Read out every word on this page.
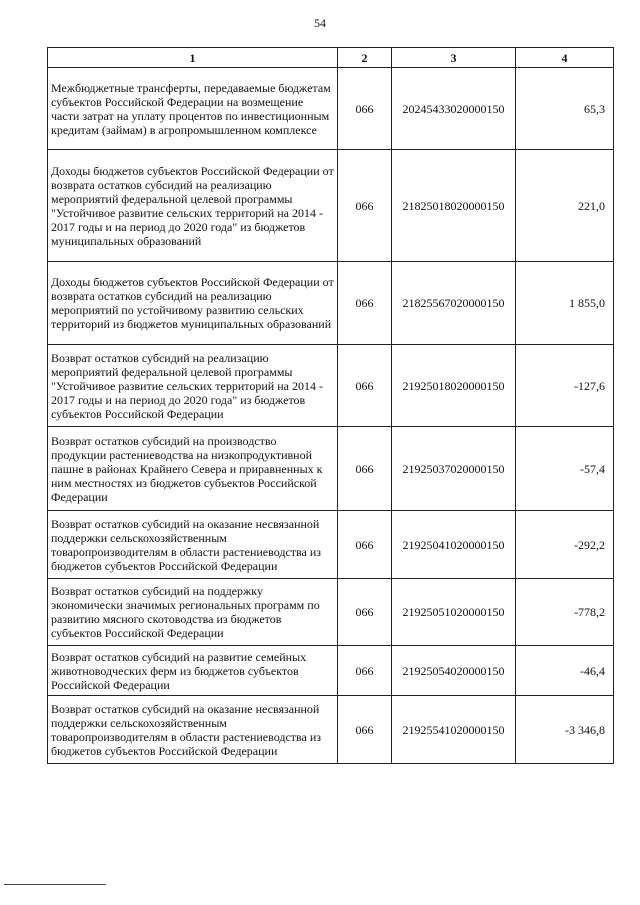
54
1	2	3	4
Межбюджетные трансферты, передаваемые бюджетам субъектов Российской Федерации на возмещение части затрат на уплату процентов по инвестиционным кредитам (займам) в агропромышленном комплексе	066	20245433020000150	65,3
Доходы бюджетов субъектов Российской Федерации от возврата остатков субсидий на реализацию мероприятий федеральной целевой программы "Устойчивое развитие сельских территорий на 2014 - 2017 годы и на период до 2020 года" из бюджетов муниципальных образований	066	21825018020000150	221,0
Доходы бюджетов субъектов Российской Федерации от возврата остатков субсидий на реализацию мероприятий по устойчивому развитию сельских территорий из бюджетов муниципальных образований	066	21825567020000150	1 855,0
Возврат остатков субсидий на реализацию мероприятий федеральной целевой программы "Устойчивое развитие сельских территорий на 2014 - 2017 годы и на период до 2020 года" из бюджетов субъектов Российской Федерации	066	21925018020000150	-127,6
Возврат остатков субсидий на производство продукции растениеводства на низкопродуктивной пашне в районах Крайнего Севера и приравненных к ним местностях из бюджетов субъектов Российской Федерации	066	21925037020000150	-57,4
Возврат остатков субсидий на оказание несвязанной поддержки сельскохозяйственным товаропроизводителям в области растениеводства из бюджетов субъектов Российской Федерации	066	21925041020000150	-292,2
Возврат остатков субсидий на поддержку экономически значимых региональных программ по развитию мясного скотоводства из бюджетов субъектов Российской Федерации	066	21925051020000150	-778,2
Возврат остатков субсидий на развитие семейных животноводческих ферм из бюджетов субъектов Российской Федерации	066	21925054020000150	-46,4
Возврат остатков субсидий на оказание несвязанной поддержки сельскохозяйственным товаропроизводителям в области растениеводства из бюджетов субъектов Российской Федерации	066	21925541020000150	-3 346,8
